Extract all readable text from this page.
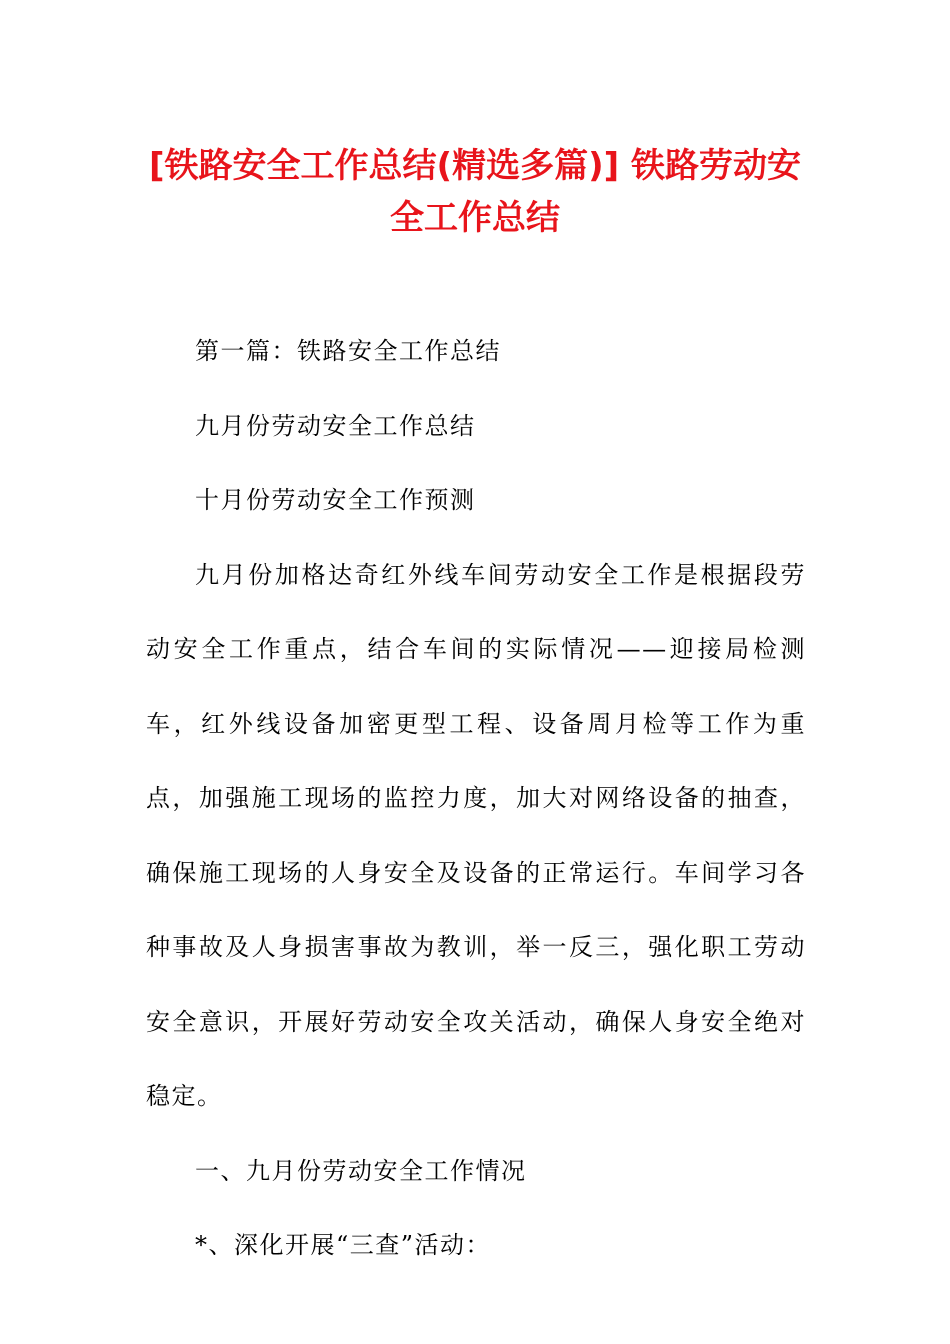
[铁路安全工作总结(精选多篇)] 铁路劳动安全工作总结

第一篇：铁路安全工作总结

九月份劳动安全工作总结

十月份劳动安全工作预测

九月份加格达奇红外线车间劳动安全工作是根据段劳动安全工作重点，结合车间的实际情况——迎接局检测车，红外线设备加密更型工程、设备周月检等工作为重点，加强施工现场的监控力度，加大对网络设备的抽查，确保施工现场的人身安全及设备的正常运行。车间学习各种事故及人身损害事故为教训，举一反三，强化职工劳动安全意识，开展好劳动安全攻关活动，确保人身安全绝对稳定。

一、九月份劳动安全工作情况

*、深化开展“三查”活动：
